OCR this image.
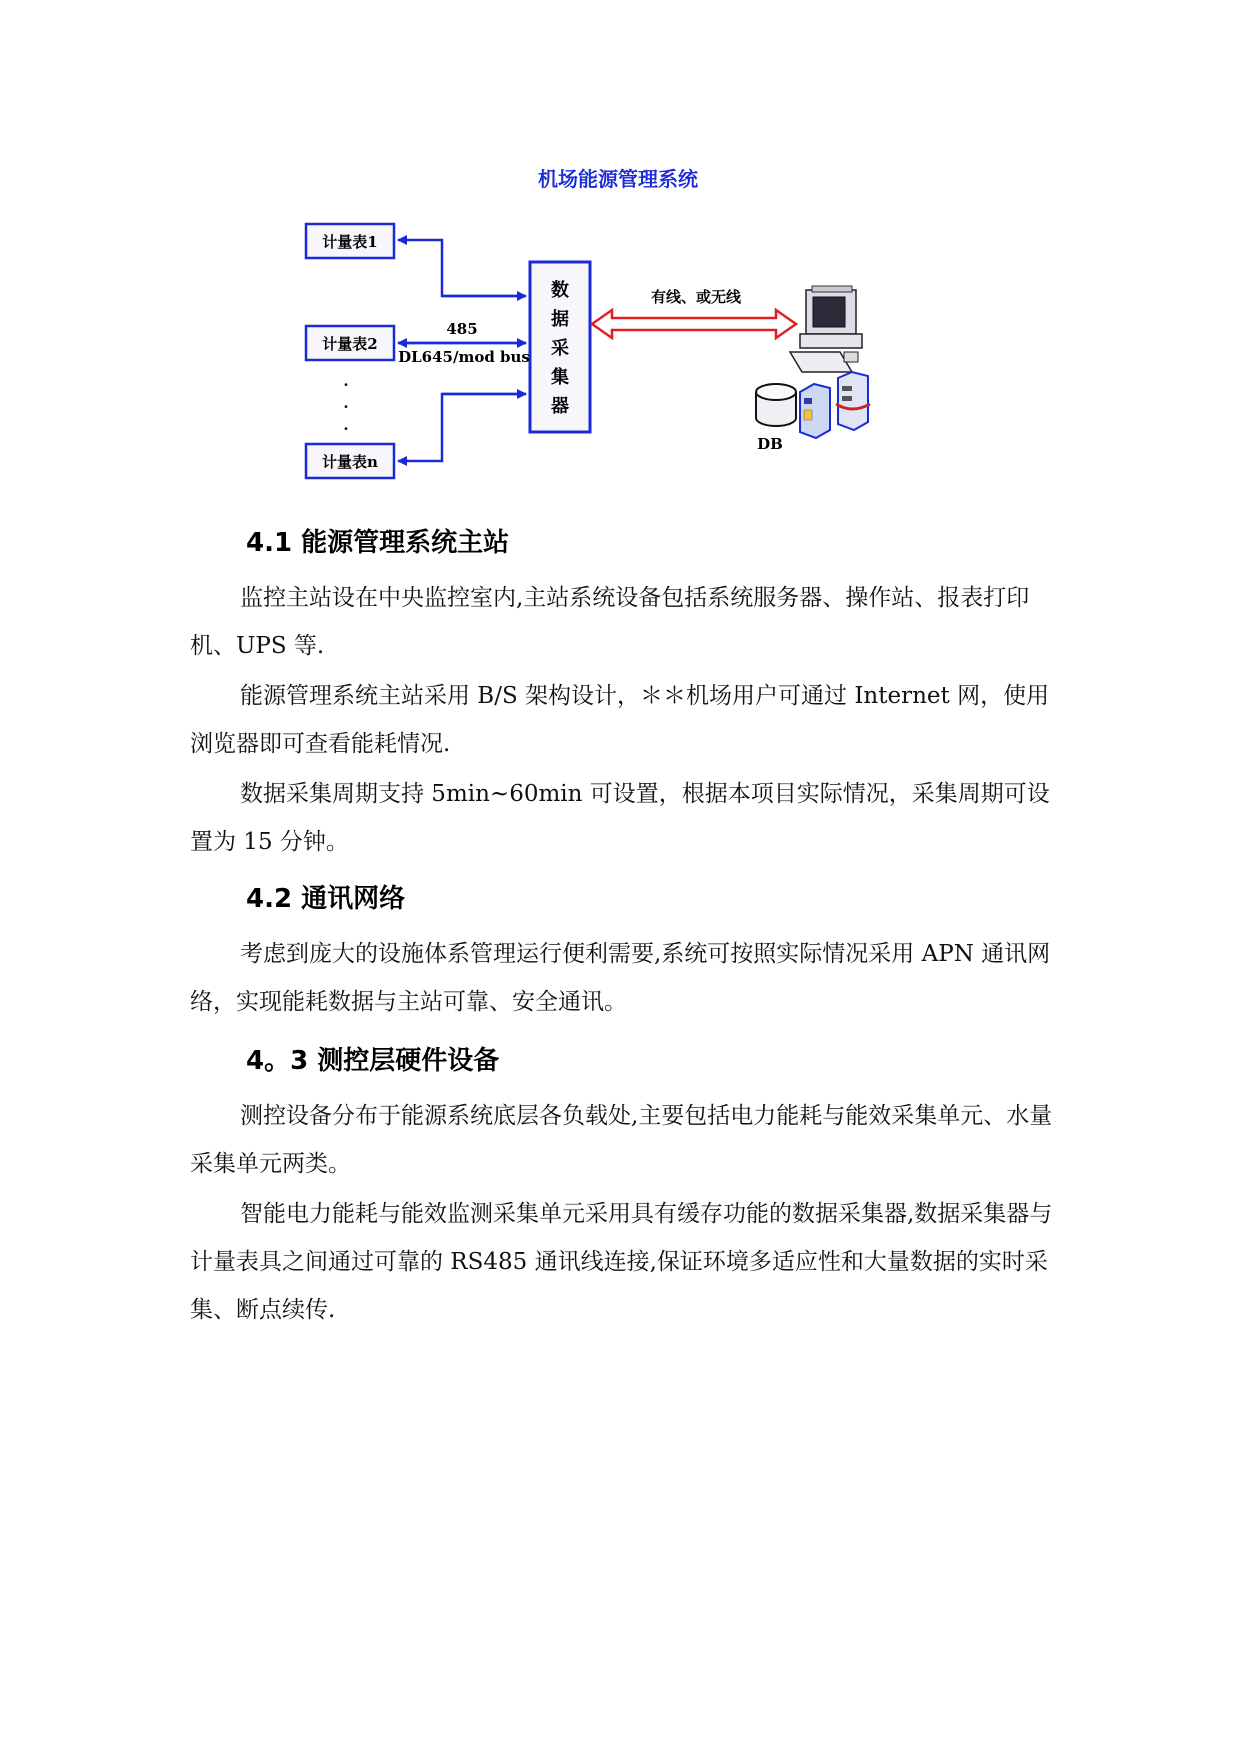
机场能源管理系统
计量表1
计量表2
计量表n
·
·
·
数
据
采
集
器
485
DL645/mod bus
有线、或无线
DB
4.1 能源管理系统主站

监控主站设在中央监控室内,主站系统设备包括系统服务器、操作站、报表打印机、UPS 等.

能源管理系统主站采用 B/S 架构设计，＊＊机场用户可通过 Internet 网，使用浏览器即可查看能耗情况.

数据采集周期支持 5min~60min 可设置，根据本项目实际情况，采集周期可设置为 15 分钟。

4.2 通讯网络

考虑到庞大的设施体系管理运行便利需要,系统可按照实际情况采用 APN 通讯网络，实现能耗数据与主站可靠、安全通讯。

4。3 测控层硬件设备

测控设备分布于能源系统底层各负载处,主要包括电力能耗与能效采集单元、水量采集单元两类。

智能电力能耗与能效监测采集单元采用具有缓存功能的数据采集器,数据采集器与计量表具之间通过可靠的 RS485 通讯线连接,保证环境多适应性和大量数据的实时采集、断点续传.
